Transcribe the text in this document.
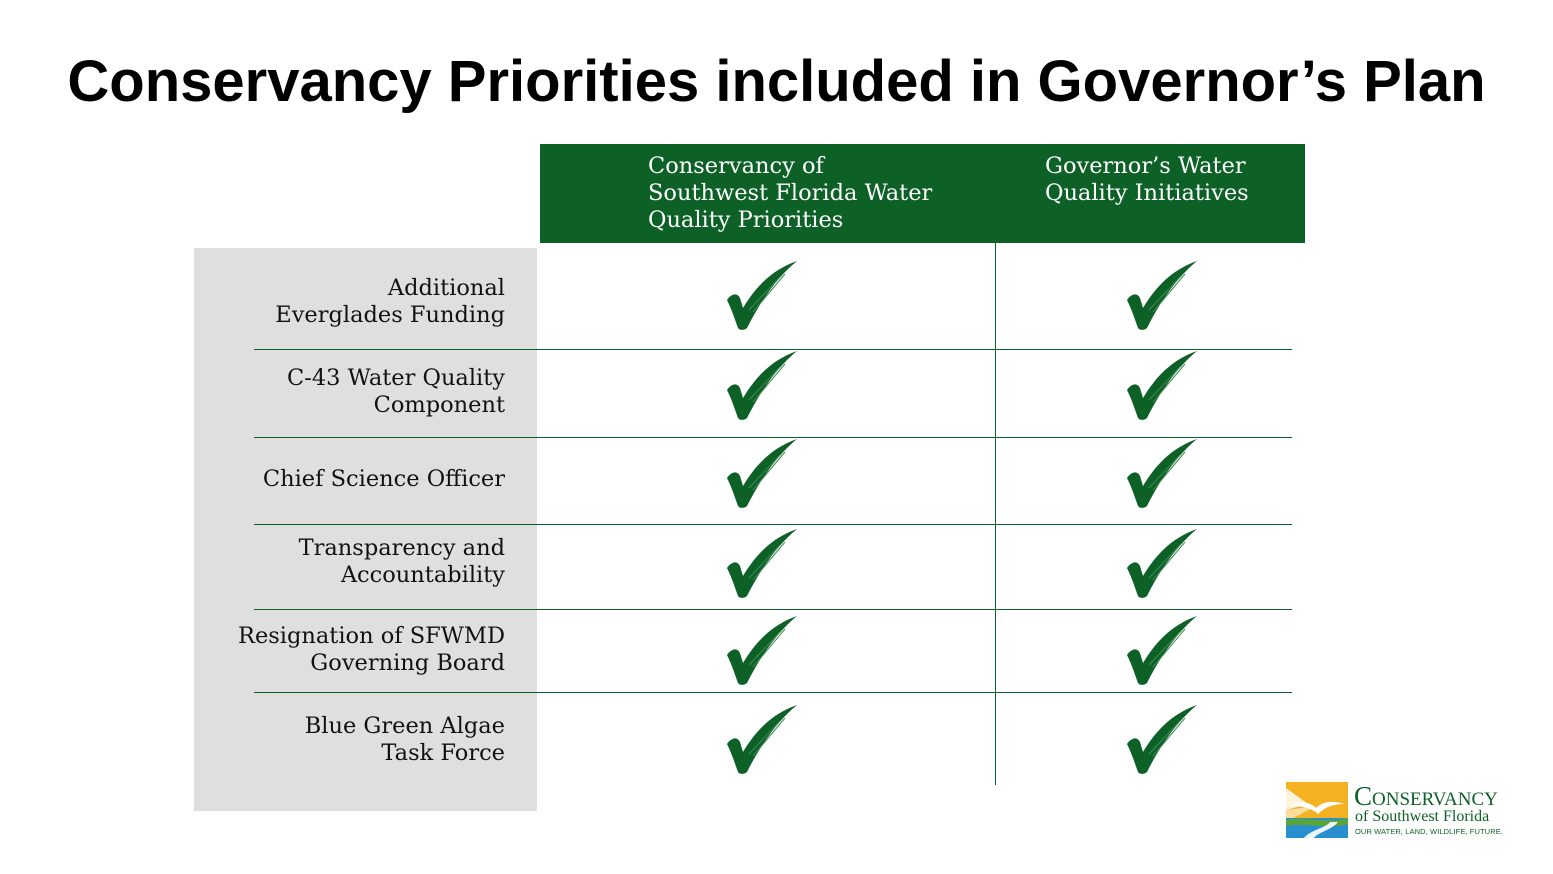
Conservancy Priorities included in Governor’s Plan
Conservancy of
Southwest Florida Water
Quality Priorities
Governor’s Water
Quality Initiatives
Additional
Everglades Funding
C-43 Water Quality
Component
Chief Science Officer
Transparency and
Accountability
Resignation of SFWMD
Governing Board
Blue Green Algae
Task Force
Conservancy
of Southwest Florida
OUR WATER, LAND, WILDLIFE, FUTURE.
